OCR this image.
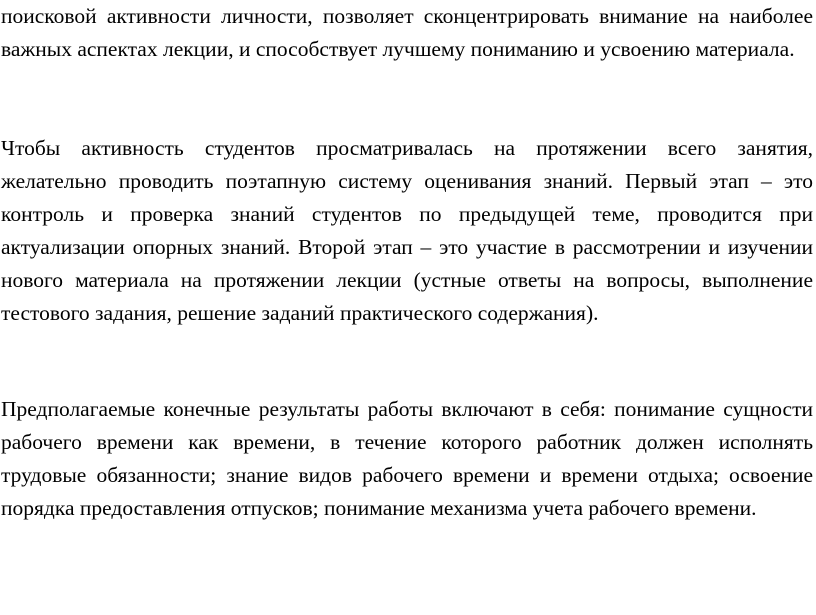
поисковой активности личности, позволяет сконцентрировать внимание на наиболее важных аспектах лекции, и способствует лучшему пониманию и усвоению материала.

Чтобы активность студентов просматривалась на протяжении всего занятия, желательно проводить поэтапную систему оценивания знаний. Первый этап – это контроль и проверка знаний студентов по предыдущей теме, проводится при актуализации опорных знаний. Второй этап – это участие в рассмотрении и изучении нового материала на протяжении лекции (устные ответы на вопросы, выполнение тестового задания, решение заданий практического содержания).

Предполагаемые конечные результаты работы включают в себя: понимание сущности рабочего времени как времени, в течение которого работник должен исполнять трудовые обязанности; знание видов рабочего времени и времени отдыха; освоение порядка предоставления отпусков; понимание механизма учета рабочего времени.
